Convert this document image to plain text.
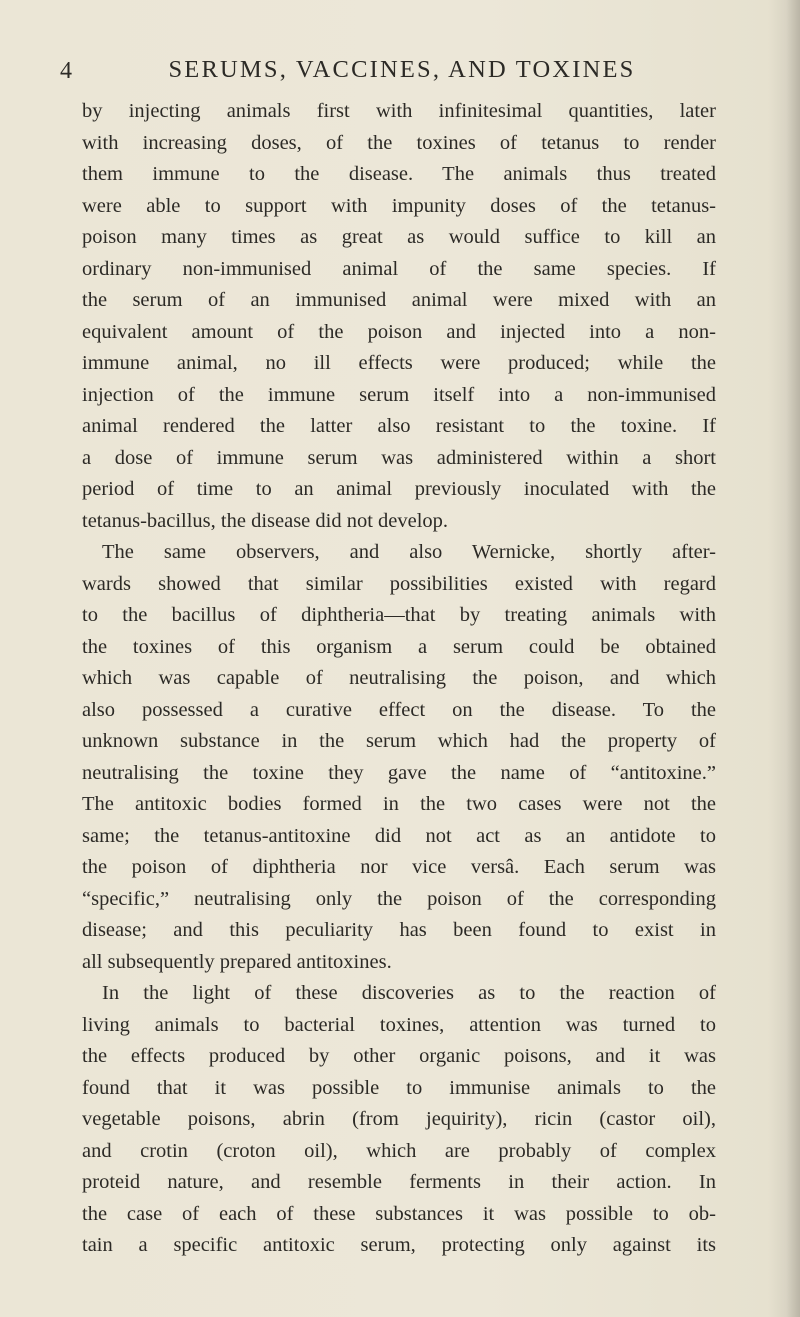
4	SERUMS, VACCINES, AND TOXINES
by injecting animals first with infinitesimal quantities, later
with increasing doses, of the toxines of tetanus to render
them immune to the disease. The animals thus treated
were able to support with impunity doses of the tetanus-
poison many times as great as would suffice to kill an
ordinary non-immunised animal of the same species. If
the serum of an immunised animal were mixed with an
equivalent amount of the poison and injected into a non-
immune animal, no ill effects were produced; while the
injection of the immune serum itself into a non-immunised
animal rendered the latter also resistant to the toxine. If
a dose of immune serum was administered within a short
period of time to an animal previously inoculated with the
tetanus-bacillus, the disease did not develop.
The same observers, and also Wernicke, shortly after-
wards showed that similar possibilities existed with regard
to the bacillus of diphtheria—that by treating animals with
the toxines of this organism a serum could be obtained
which was capable of neutralising the poison, and which
also possessed a curative effect on the disease. To the
unknown substance in the serum which had the property of
neutralising the toxine they gave the name of “antitoxine.”
The antitoxic bodies formed in the two cases were not the
same; the tetanus-antitoxine did not act as an antidote to
the poison of diphtheria nor vice versâ. Each serum was
“specific,” neutralising only the poison of the corresponding
disease; and this peculiarity has been found to exist in
all subsequently prepared antitoxines.
In the light of these discoveries as to the reaction of
living animals to bacterial toxines, attention was turned to
the effects produced by other organic poisons, and it was
found that it was possible to immunise animals to the
vegetable poisons, abrin (from jequirity), ricin (castor oil),
and crotin (croton oil), which are probably of complex
proteid nature, and resemble ferments in their action. In
the case of each of these substances it was possible to ob-
tain a specific antitoxic serum, protecting only against its
